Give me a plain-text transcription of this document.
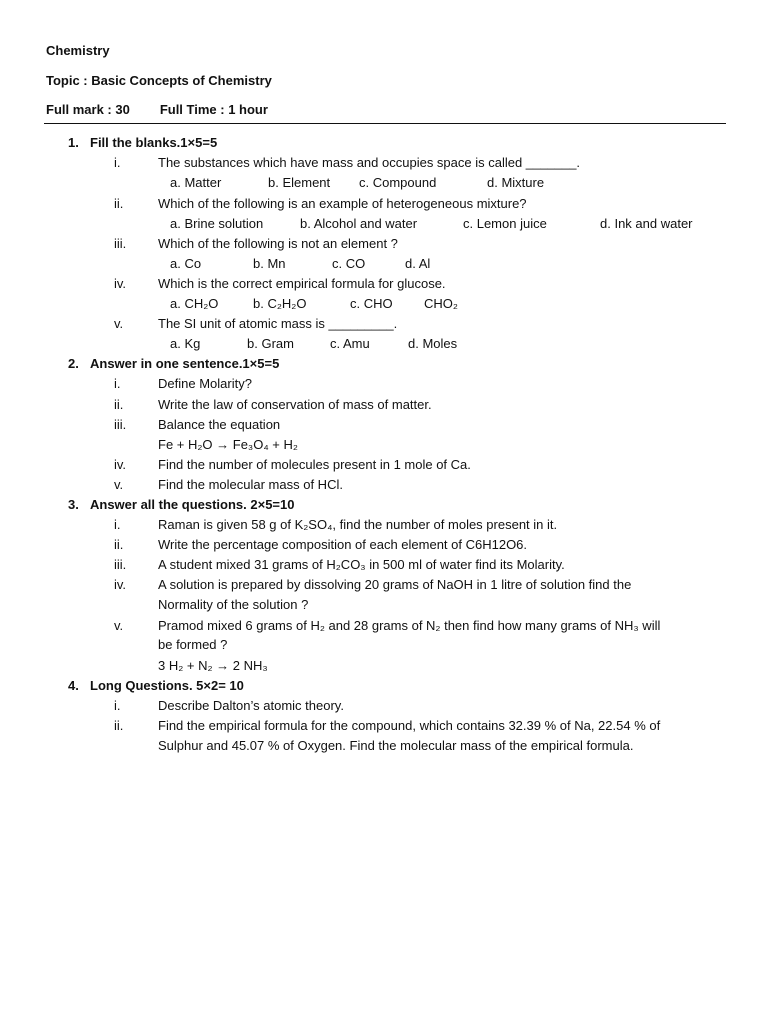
Chemistry
Topic : Basic Concepts of Chemistry
Full mark : 30 Full Time : 1 hour
1. Fill the blanks.1×5=5
i.	The substances which have mass and occupies space is called _______.
a. Matter	b. Element c. Compound	d. Mixture
ii.	Which of the following is an example of heterogeneous mixture?
a. Brine solution	b. Alcohol and water	c. Lemon juice	d. Ink and water
iii. Which of the following is not an element ?
a. Co	b. Mn	c. CO	d. Al
iv. Which is the correct empirical formula for glucose.
a. CH₂O	b. C₂H₂O	c. CHO CHO₂
v.	The SI unit of atomic mass is _________.
a. Kg	b. Gram	c. Amu	d. Moles
2. Answer in one sentence.1×5=5
i.	Define Molarity?
ii.	Write the law of conservation of mass of matter.
iii. Balance the equation
Fe + H₂O → Fe₃O₄ + H₂
iv. Find the number of molecules present in 1 mole of Ca.
v.	Find the molecular mass of HCl.
3. Answer all the questions. 2×5=10
i.	Raman is given 58 g of K₂SO₄, find the number of moles present in it.
ii.	Write the percentage composition of each element of C6H12O6.
iii. A student mixed 31 grams of H₂CO₃ in 500 ml of water find its Molarity.
iv. A solution is prepared by dissolving 20 grams of NaOH in 1 litre of solution find the
Normality of the solution ?
v.	Pramod mixed 6 grams of H₂ and 28 grams of N₂ then find how many grams of NH₃ will
be formed ?
3 H₂ + N₂ → 2 NH₃
4. Long Questions. 5×2= 10
i.	Describe Dalton’s atomic theory.
ii.	Find the empirical formula for the compound, which contains 32.39 % of Na, 22.54 % of
Sulphur and 45.07 % of Oxygen. Find the molecular mass of the empirical formula.
